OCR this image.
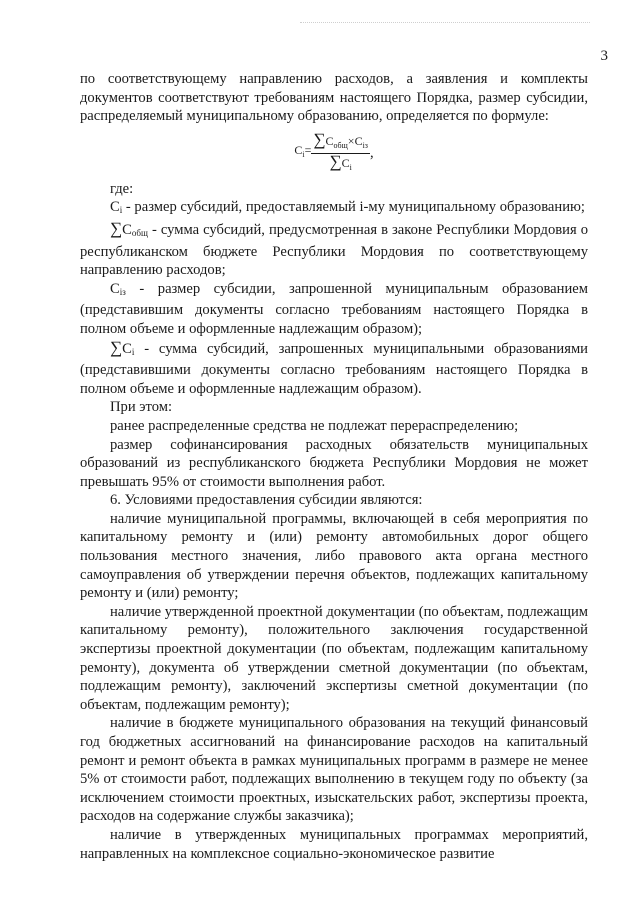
3

по соответствующему направлению расходов, а заявления и комплекты документов соответствуют требованиям настоящего Порядка, размер субсидии, распределяемый муниципальному образованию, определяется по формуле:

$C_i= \frac{\sum C_{общ}\times C_{iз}}{\sum C_i}$ ,

где:

Ci - размер субсидий, предоставляемый i-му муниципальному образованию;

∑Cобщ - сумма субсидий, предусмотренная в законе Республики Мордовия о республиканском бюджете Республики Мордовия по соответствующему направлению расходов;

Ciз - размер субсидии, запрошенной муниципальным образованием (представившим документы согласно требованиям настоящего Порядка в полном объеме и оформленные надлежащим образом);

∑Ci - сумма субсидий, запрошенных муниципальными образованиями (представившими документы согласно требованиям настоящего Порядка в полном объеме и оформленные надлежащим образом).

При этом:

ранее распределенные средства не подлежат перераспределению;

размер софинансирования расходных обязательств муниципальных образований из республиканского бюджета Республики Мордовия не может превышать 95% от стоимости выполнения работ.

6. Условиями предоставления субсидии являются:

наличие муниципальной программы, включающей в себя мероприятия по капитальному ремонту и (или) ремонту автомобильных дорог общего пользования местного значения, либо правового акта органа местного самоуправления об утверждении перечня объектов, подлежащих капитальному ремонту и (или) ремонту;

наличие утвержденной проектной документации (по объектам, подлежащим капитальному ремонту), положительного заключения государственной экспертизы проектной документации (по объектам, подлежащим капитальному ремонту), документа об утверждении сметной документации (по объектам, подлежащим ремонту), заключений экспертизы сметной документации (по объектам, подлежащим ремонту);

наличие в бюджете муниципального образования на текущий финансовый год бюджетных ассигнований на финансирование расходов на капитальный ремонт и ремонт объекта в рамках муниципальных программ в размере не менее 5% от стоимости работ, подлежащих выполнению в текущем году по объекту (за исключением стоимости проектных, изыскательских работ, экспертизы проекта, расходов на содержание службы заказчика);

наличие в утвержденных муниципальных программах мероприятий, направленных на комплексное социально-экономическое развитие
